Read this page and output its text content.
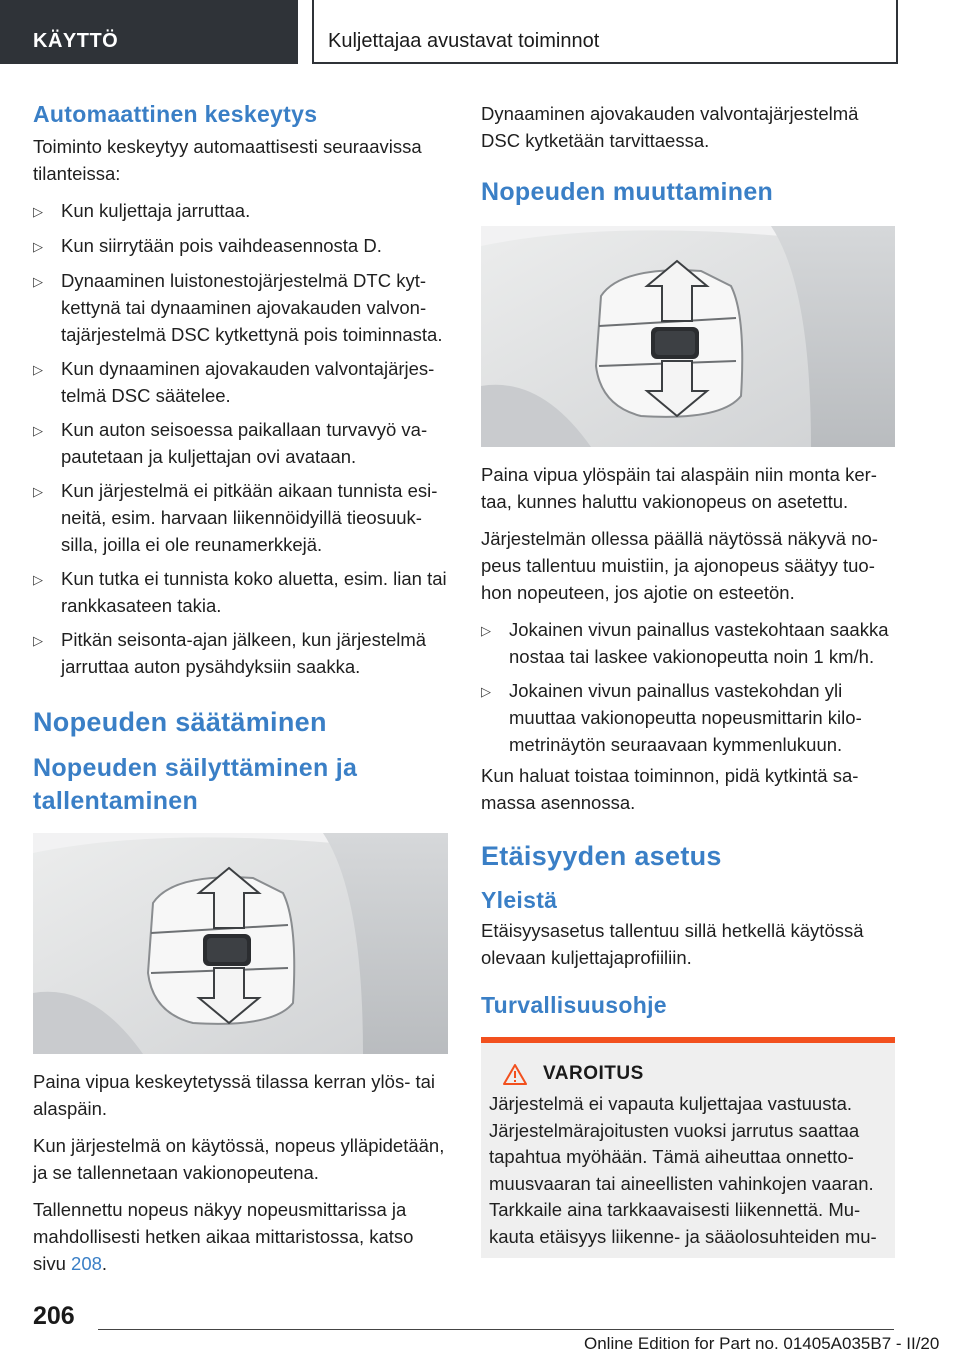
KÄYTTÖ	Kuljettajaa avustavat toiminnot
Automaattinen keskeytys

Toiminto keskeytyy automaattisesti seuraavissa tilanteissa:

▷ Kun kuljettaja jarruttaa.
▷ Kun siirrytään pois vaihdeasennosta D.
▷ Dynaaminen luistonestojärjestelmä DTC kytkettynä tai dynaaminen ajovakauden valvontajärjestelmä DSC kytkettynä pois toiminnasta.
▷ Kun dynaaminen ajovakauden valvontajärjestelmä DSC säätelee.
▷ Kun auton seisoessa paikallaan turvavyö vapautetaan ja kuljettajan ovi avataan.
▷ Kun järjestelmä ei pitkään aikaan tunnista esineitä, esim. harvaan liikennöidyillä tieosuuksilla, joilla ei ole reunamerkkejä.
▷ Kun tutka ei tunnista koko aluetta, esim. lian tai rankkasateen takia.
▷ Pitkän seisonta-ajan jälkeen, kun järjestelmä jarruttaa auton pysähdyksiin saakka.
Nopeuden säätäminen
Nopeuden säilyttäminen ja tallentaminen

Paina vipua keskeytetyssä tilassa kerran ylös- tai alaspäin.

Kun järjestelmä on käytössä, nopeus ylläpidetään, ja se tallennetaan vakionopeutena.

Tallennettu nopeus näkyy nopeusmittarissa ja mahdollisesti hetken aikaa mittaristossa, katso sivu 208.

Dynaaminen ajovakauden valvontajärjestelmä DSC kytketään tarvittaessa.

Nopeuden muuttaminen

Paina vipua ylöspäin tai alaspäin niin monta kertaa, kunnes haluttu vakionopeus on asetettu.

Järjestelmän ollessa päällä näytössä näkyvä nopeus tallentuu muistiin, ja ajonopeus säätyy tuohon nopeuteen, jos ajotie on esteetön.

▷ Jokainen vivun painallus vastekohtaan saakka nostaa tai laskee vakionopeutta noin 1 km/h.
▷ Jokainen vivun painallus vastekohdan yli muuttaa vakionopeutta nopeusmittarin kilometrinäytön seuraavaan kymmenlukuun.

Kun haluat toistaa toiminnon, pidä kytkintä samassa asennossa.

Etäisyyden asetus
Yleistä

Etäisyysasetus tallentuu sillä hetkellä käytössä olevaan kuljettajaprofiiliin.

Turvallisuusohje
VAROITUS

Järjestelmä ei vapauta kuljettajaa vastuusta. Järjestelmärajoitusten vuoksi jarrutus saattaa tapahtua myöhään. Tämä aiheuttaa onnettomuusvaaran tai aineellisten vahinkojen vaaran. Tarkkaile aina tarkkaavaisesti liikennettä. Mukauta etäisyys liikenne- ja sääolosuhteiden mu-

206
Online Edition for Part no. 01405A035B7 - II/20
